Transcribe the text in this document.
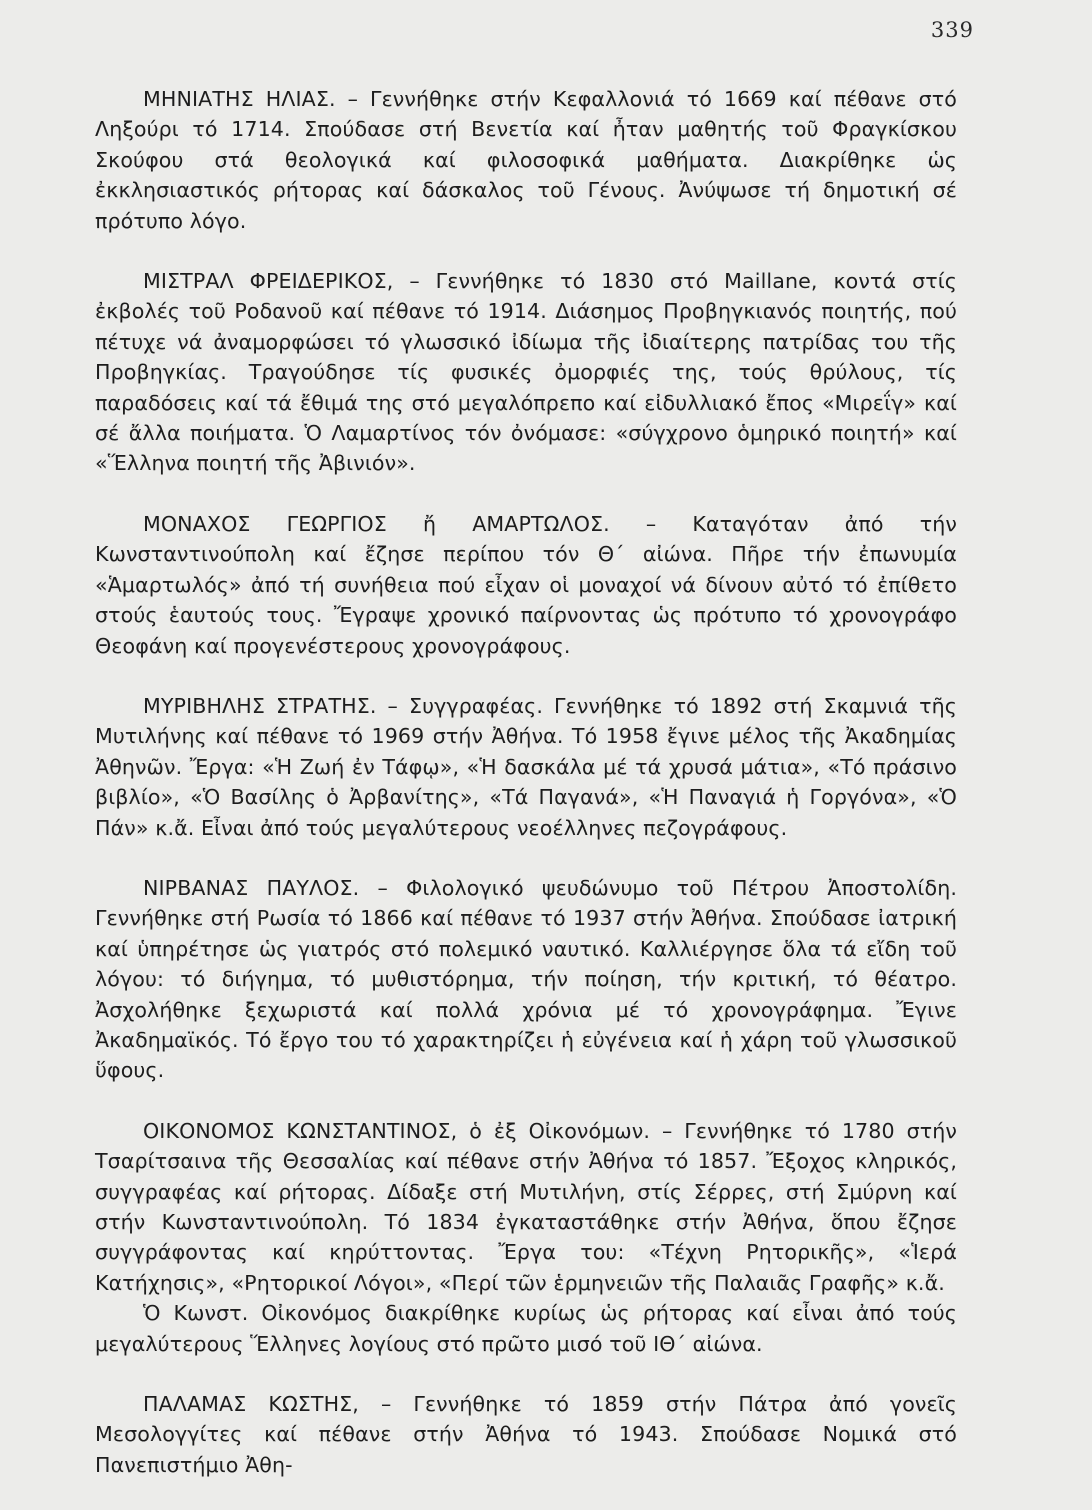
339

ΜΗΝΙΑΤΗΣ ΗΛΙΑΣ. – Γεννήθηκε στήν Κεφαλλονιά τό 1669 καί πέθανε στό Ληξούρι τό 1714. Σπούδασε στή Βενετία καί ἦταν μαθητής τοῦ Φραγκίσκου Σκούφου στά θεολογικά καί φιλοσοφικά μαθήματα. Διακρίθηκε ὡς ἐκκλησιαστικός ρήτορας καί δάσκαλος τοῦ Γένους. Ἀνύψωσε τή δημοτική σέ πρότυπο λόγο.

ΜΙΣΤΡΑΛ ΦΡΕΙΔΕΡΙΚΟΣ, – Γεννήθηκε τό 1830 στό Maillane, κοντά στίς ἐκβολές τοῦ Ροδανοῦ καί πέθανε τό 1914. Διάσημος Προβηγκιανός ποιητής, πού πέτυχε νά ἀναμορφώσει τό γλωσσικό ἰδίωμα τῆς ἰδιαίτερης πατρίδας του τῆς Προβηγκίας. Τραγούδησε τίς φυσικές ὀμορφιές της, τούς θρύλους, τίς παραδόσεις καί τά ἔθιμά της στό μεγαλόπρεπο καί εἰδυλλιακό ἔπος «Μιρεΐγ» καί σέ ἄλλα ποιήματα. Ὁ Λαμαρτίνος τόν ὀνόμασε: «σύγχρονο ὁμηρικό ποιητή» καί «Ἕλληνα ποιητή τῆς Ἀβινιόν».

ΜΟΝΑΧΟΣ ΓΕΩΡΓΙΟΣ ἤ ΑΜΑΡΤΩΛΟΣ. – Καταγόταν ἀπό τήν Κωνσταντινούπολη καί ἔζησε περίπου τόν Θ΄ αἰώνα. Πῆρε τήν ἐπωνυμία «Ἁμαρτωλός» ἀπό τή συνήθεια πού εἶχαν οἱ μοναχοί νά δίνουν αὐτό τό ἐπίθετο στούς ἑαυτούς τους. Ἔγραψε χρονικό παίρνοντας ὡς πρότυπο τό χρονογράφο Θεοφάνη καί προγενέστερους χρονογράφους.

ΜΥΡΙΒΗΛΗΣ ΣΤΡΑΤΗΣ. – Συγγραφέας. Γεννήθηκε τό 1892 στή Σκαμνιά τῆς Μυτιλήνης καί πέθανε τό 1969 στήν Ἀθήνα. Τό 1958 ἔγινε μέλος τῆς Ἀκαδημίας Ἀθηνῶν. Ἔργα: «Ἡ Ζωή ἐν Τάφῳ», «Ἡ δασκάλα μέ τά χρυσά μάτια», «Τό πράσινο βιβλίο», «Ὁ Βασίλης ὁ Ἀρβανίτης», «Τά Παγανά», «Ἡ Παναγιά ἡ Γοργόνα», «Ὁ Πάν» κ.ἄ. Εἶναι ἀπό τούς μεγαλύτερους νεοέλληνες πεζογράφους.

ΝΙΡΒΑΝΑΣ ΠΑΥΛΟΣ. – Φιλολογικό ψευδώνυμο τοῦ Πέτρου Ἀποστολίδη. Γεννήθηκε στή Ρωσία τό 1866 καί πέθανε τό 1937 στήν Ἀθήνα. Σπούδασε ἰατρική καί ὑπηρέτησε ὡς γιατρός στό πολεμικό ναυτικό. Καλλιέργησε ὅλα τά εἴδη τοῦ λόγου: τό διήγημα, τό μυθιστόρημα, τήν ποίηση, τήν κριτική, τό θέατρο. Ἀσχολήθηκε ξεχωριστά καί πολλά χρόνια μέ τό χρονογράφημα. Ἔγινε Ἀκαδημαϊκός. Τό ἔργο του τό χαρακτηρίζει ἡ εὐγένεια καί ἡ χάρη τοῦ γλωσσικοῦ ὕφους.

ΟΙΚΟΝΟΜΟΣ ΚΩΝΣΤΑΝΤΙΝΟΣ, ὁ ἐξ Οἰκονόμων. – Γεννήθηκε τό 1780 στήν Τσαρίτσαινα τῆς Θεσσαλίας καί πέθανε στήν Ἀθήνα τό 1857. Ἔξοχος κληρικός, συγγραφέας καί ρήτορας. Δίδαξε στή Μυτιλήνη, στίς Σέρρες, στή Σμύρνη καί στήν Κωνσταντινούπολη. Τό 1834 ἐγκαταστάθηκε στήν Ἀθήνα, ὅπου ἔζησε συγγράφοντας καί κηρύττοντας. Ἔργα του: «Τέχνη Ρητορικῆς», «Ἱερά Κατήχησις», «Ρητορικοί Λόγοι», «Περί τῶν ἑρμηνειῶν τῆς Παλαιᾶς Γραφῆς» κ.ἄ.

Ὁ Κωνστ. Οἰκονόμος διακρίθηκε κυρίως ὡς ρήτορας καί εἶναι ἀπό τούς μεγαλύτερους Ἕλληνες λογίους στό πρῶτο μισό τοῦ ΙΘ΄ αἰώνα.

ΠΑΛΑΜΑΣ ΚΩΣΤΗΣ, – Γεννήθηκε τό 1859 στήν Πάτρα ἀπό γονεῖς Μεσολογγίτες καί πέθανε στήν Ἀθήνα τό 1943. Σπούδασε Νομικά στό Πανεπιστήμιο Ἀθη-
